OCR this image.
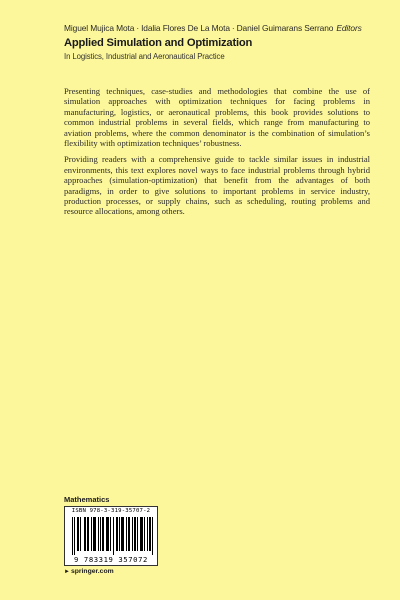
Miguel Mujica Mota · Idalia Flores De La Mota · Daniel Guimarans Serrano Editors
Applied Simulation and Optimization
In Logistics, Industrial and Aeronautical Practice

Presenting techniques, case-studies and methodologies that combine the use of simulation approaches with optimization techniques for facing problems in manufacturing, logistics, or aeronautical problems, this book provides solutions to common industrial problems in several fields, which range from manufacturing to aviation problems, where the common denominator is the combination of simulation’s flexibility with optimization techniques’ robustness.

Providing readers with a comprehensive guide to tackle similar issues in industrial environments, this text explores novel ways to face industrial problems through hybrid approaches (simulation-optimization) that benefit from the advantages of both paradigms, in order to give solutions to important problems in service industry, production processes, or supply chains, such as scheduling, routing problems and resource allocations, among others.

Mathematics
ISBN 978-3-319-35707-2
9 783319 357072
►springer.com
